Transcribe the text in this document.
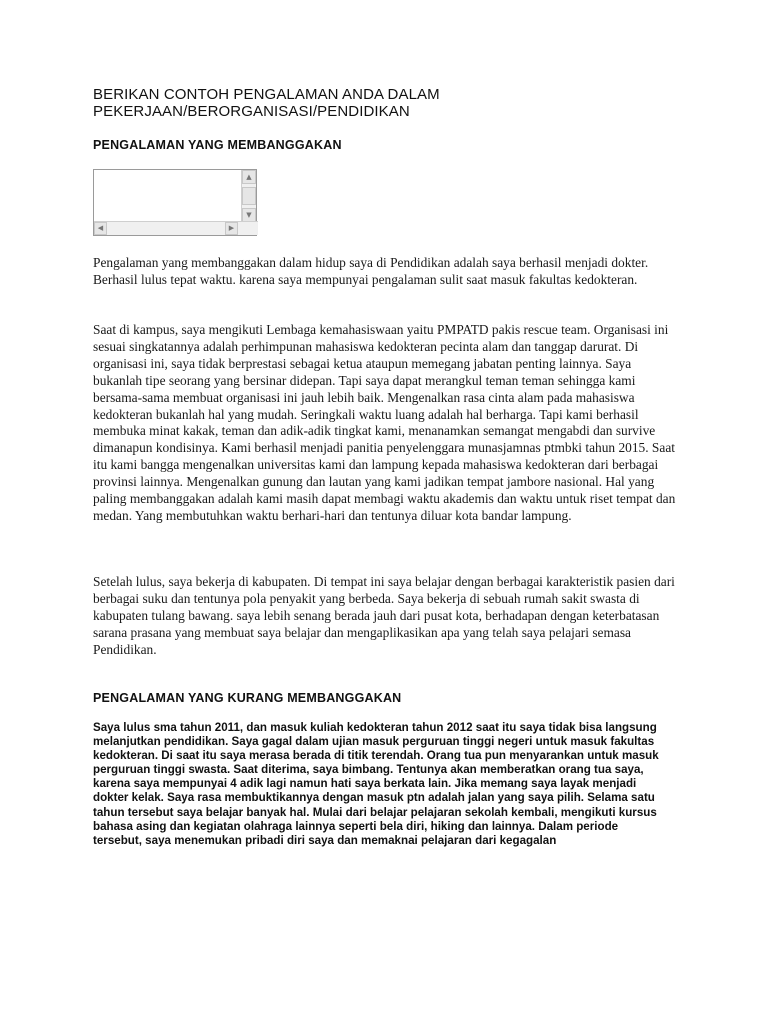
BERIKAN CONTOH PENGALAMAN ANDA DALAM PEKERJAAN/BERORGANISASI/PENDIDIKAN
PENGALAMAN YANG MEMBANGGAKAN
▲
▼
◀	▶

Pengalaman yang membanggakan dalam hidup saya di Pendidikan adalah saya berhasil menjadi dokter. Berhasil lulus tepat waktu. karena saya mempunyai pengalaman sulit saat masuk fakultas kedokteran.

Saat di kampus, saya mengikuti Lembaga kemahasiswaan yaitu PMPATD pakis rescue team. Organisasi ini sesuai singkatannya adalah perhimpunan mahasiswa kedokteran pecinta alam dan tanggap darurat. Di organisasi ini, saya tidak berprestasi sebagai ketua ataupun memegang jabatan penting lainnya. Saya bukanlah tipe seorang yang bersinar didepan. Tapi saya dapat merangkul teman teman sehingga kami bersama-sama membuat organisasi ini jauh lebih baik. Mengenalkan rasa cinta alam pada mahasiswa kedokteran bukanlah hal yang mudah. Seringkali waktu luang adalah hal berharga. Tapi kami berhasil membuka minat kakak, teman dan adik-adik tingkat kami, menanamkan semangat mengabdi dan survive dimanapun kondisinya. Kami berhasil menjadi panitia penyelenggara munasjamnas ptmbki tahun 2015. Saat itu kami bangga mengenalkan universitas kami dan lampung kepada mahasiswa kedokteran dari berbagai provinsi lainnya. Mengenalkan gunung dan lautan yang kami jadikan tempat jambore nasional. Hal yang paling membanggakan adalah kami masih dapat membagi waktu akademis dan waktu untuk riset tempat dan medan. Yang membutuhkan waktu berhari-hari dan tentunya diluar kota bandar lampung.

Setelah lulus, saya bekerja di kabupaten. Di tempat ini saya belajar dengan berbagai karakteristik pasien dari berbagai suku dan tentunya pola penyakit yang berbeda. Saya bekerja di sebuah rumah sakit swasta di kabupaten tulang bawang. saya lebih senang berada jauh dari pusat kota, berhadapan dengan keterbatasan sarana prasana yang membuat saya belajar dan mengaplikasikan apa yang telah saya pelajari semasa Pendidikan.

PENGALAMAN YANG KURANG MEMBANGGAKAN

Saya lulus sma tahun 2011, dan masuk kuliah kedokteran tahun 2012 saat itu saya tidak bisa langsung melanjutkan pendidikan. Saya gagal dalam ujian masuk perguruan tinggi negeri untuk masuk fakultas kedokteran. Di saat itu saya merasa berada di titik terendah. Orang tua pun menyarankan untuk masuk perguruan tinggi swasta. Saat diterima, saya bimbang. Tentunya akan memberatkan orang tua saya, karena saya mempunyai 4 adik lagi namun hati saya berkata lain. Jika memang saya layak menjadi dokter kelak. Saya rasa membuktikannya dengan masuk ptn adalah jalan yang saya pilih. Selama satu tahun tersebut saya belajar banyak hal. Mulai dari belajar pelajaran sekolah kembali, mengikuti kursus bahasa asing dan kegiatan olahraga lainnya seperti bela diri, hiking dan lainnya. Dalam periode tersebut, saya menemukan pribadi diri saya dan memaknai pelajaran dari kegagalan
